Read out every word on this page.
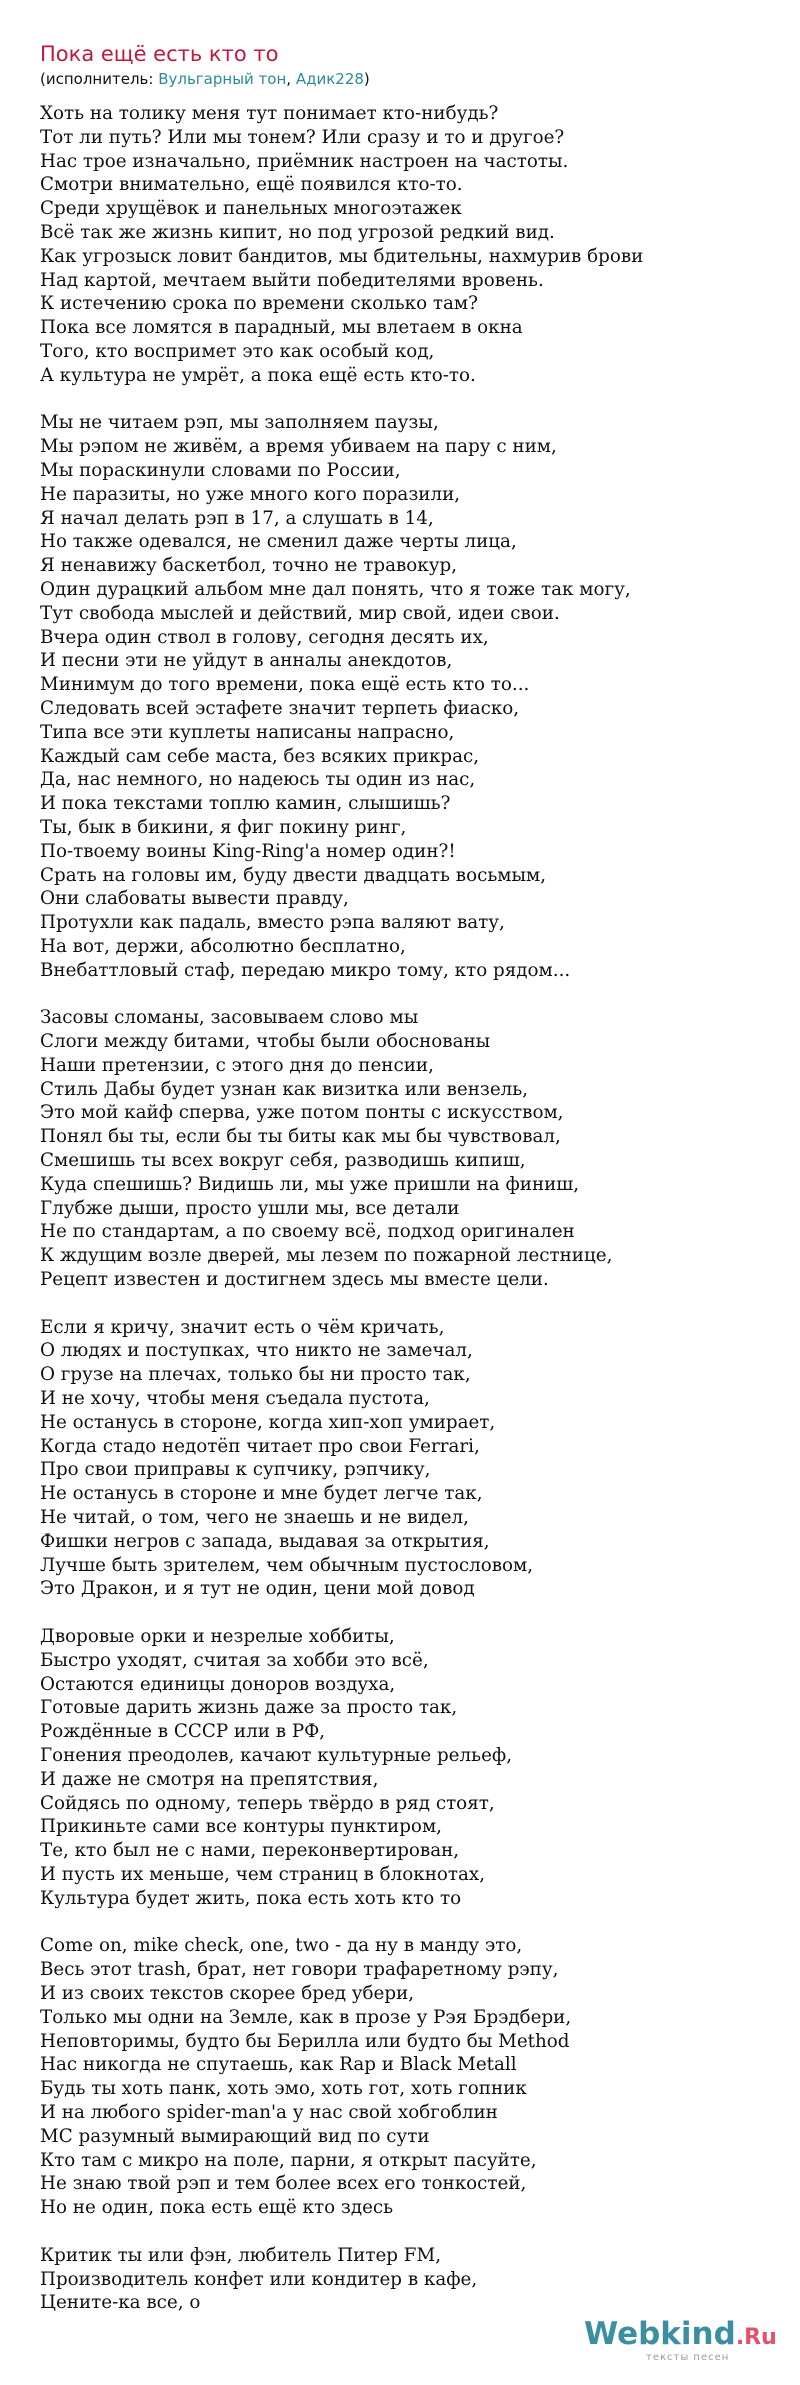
Пока ещё есть кто то
(исполнитель: Вульгарный тон, Адик228)
Хоть на толику меня тут понимает кто-нибудь?
Тот ли путь? Или мы тонем? Или сразу и то и другое?
Нас трое изначально, приёмник настроен на частоты.
Смотри внимательно, ещё появился кто-то.
Среди хрущёвок и панельных многоэтажек
Всё так же жизнь кипит, но под угрозой редкий вид.
Как угрозыск ловит бандитов, мы бдительны, нахмурив брови
Над картой, мечтаем выйти победителями вровень.
К истечению срока по времени сколько там?
Пока все ломятся в парадный, мы влетаем в окна
Того, кто воспримет это как особый код,
А культура не умрёт, а пока ещё есть кто-то.
Мы не читаем рэп, мы заполняем паузы,
Мы рэпом не живём, а время убиваем на пару с ним,
Мы пораскинули словами по России,
Не паразиты, но уже много кого поразили,
Я начал делать рэп в 17, а слушать в 14,
Но также одевался, не сменил даже черты лица,
Я ненавижу баскетбол, точно не травокур,
Один дурацкий альбом мне дал понять, что я тоже так могу,
Тут свобода мыслей и действий, мир свой, идеи свои.
Вчера один ствол в голову, сегодня десять их,
И песни эти не уйдут в анналы анекдотов,
Минимум до того времени, пока ещё есть кто то...
Следовать всей эстафете значит терпеть фиаско,
Типа все эти куплеты написаны напрасно,
Каждый сам себе маста, без всяких прикрас,
Да, нас немного, но надеюсь ты один из нас,
И пока текстами топлю камин, слышишь?
Ты, бык в бикини, я фиг покину ринг,
По-твоему воины King-Ring'а номер один?!
Срать на головы им, буду двести двадцать восьмым,
Они слабоваты вывести правду,
Протухли как падаль, вместо рэпа валяют вату,
На вот, держи, абсолютно бесплатно,
Внебаттловый стаф, передаю микро тому, кто рядом...
Засовы сломаны, засовываем слово мы
Слоги между битами, чтобы были обоснованы
Наши претензии, с этого дня до пенсии,
Стиль Дабы будет узнан как визитка или вензель,
Это мой кайф сперва, уже потом понты с искусством,
Понял бы ты, если бы ты биты как мы бы чувствовал,
Смешишь ты всех вокруг себя, разводишь кипиш,
Куда спешишь? Видишь ли, мы уже пришли на финиш,
Глубже дыши, просто ушли мы, все детали
Не по стандартам, а по своему всё, подход оригинален
К ждущим возле дверей, мы лезем по пожарной лестнице,
Рецепт известен и достигнем здесь мы вместе цели.
Если я кричу, значит есть о чём кричать,
О людях и поступках, что никто не замечал,
О грузе на плечах, только бы ни просто так,
И не хочу, чтобы меня съедала пустота,
Не останусь в стороне, когда хип-хоп умирает,
Когда стадо недотёп читает про свои Ferrari,
Про свои приправы к супчику, рэпчику,
Не останусь в стороне и мне будет легче так,
Не читай, о том, чего не знаешь и не видел,
Фишки негров с запада, выдавая за открытия,
Лучше быть зрителем, чем обычным пустословом,
Это Дракон, и я тут не один, цени мой довод
Дворовые орки и незрелые хоббиты,
Быстро уходят, считая за хобби это всё,
Остаются единицы доноров воздуха,
Готовые дарить жизнь даже за просто так,
Рождённые в СССР или в РФ,
Гонения преодолев, качают культурные рельеф,
И даже не смотря на препятствия,
Сойдясь по одному, теперь твёрдо в ряд стоят,
Прикиньте сами все контуры пунктиром,
Те, кто был не с нами, переконвертирован,
И пусть их меньше, чем страниц в блокнотах,
Культура будет жить, пока есть хоть кто то
Come on, mike check, one, two - да ну в манду это,
Весь этот trash, брат, нет говори трафаретному рэпу,
И из своих текстов скорее бред убери,
Только мы одни на Земле, как в прозе у Рэя Брэдбери,
Неповторимы, будто бы Берилла или будто бы Method
Нас никогда не спутаешь, как Rap и Black Metall
Будь ты хоть панк, хоть эмо, хоть гот, хоть гопник
И на любого spider-man'а у нас свой хобгоблин
МС разумный вымирающий вид по сути
Кто там с микро на поле, парни, я открыт пасуйте,
Не знаю твой рэп и тем более всех его тонкостей,
Но не один, пока есть ещё кто здесь
Критик ты или фэн, любитель Питер FM,
Производитель конфет или кондитер в кафе,
Цените-ка все, о
Webkind.Ru
тексты песен
